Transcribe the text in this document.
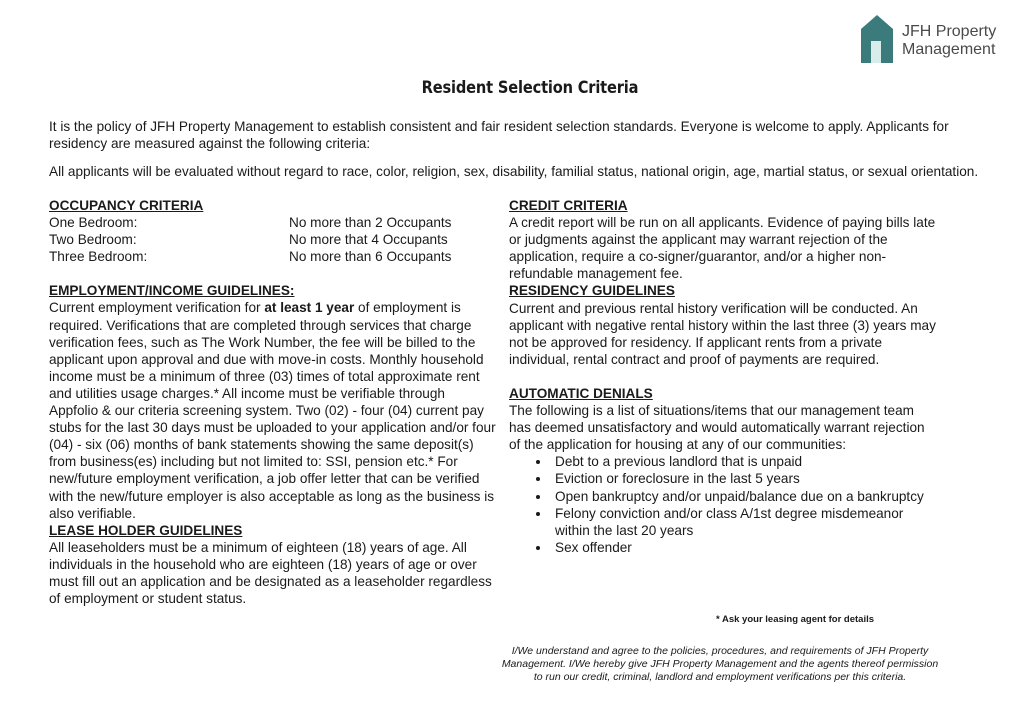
JFH Property
Management
Resident Selection Criteria

It is the policy of JFH Property Management to establish consistent and fair resident selection standards. Everyone is welcome to apply. Applicants for residency are measured against the following criteria:

All applicants will be evaluated without regard to race, color, religion, sex, disability, familial status, national origin, age, martial status, or sexual orientation.

OCCUPANCY CRITERIA

One Bedroom:	No more than 2 Occupants
Two Bedroom:	No more that 4 Occupants
Three Bedroom:	No more than 6 Occupants

EMPLOYMENT/INCOME GUIDELINES:

Current employment verification for at least 1 year of employment is required. Verifications that are completed through services that charge verification fees, such as The Work Number, the fee will be billed to the applicant upon approval and due with move-in costs. Monthly household income must be a minimum of three (03) times of total approximate rent and utilities usage charges.* All income must be verifiable through Appfolio & our criteria screening system. Two (02) - four (04) current pay stubs for the last 30 days must be uploaded to your application and/or four (04) - six (06) months of bank statements showing the same deposit(s) from business(es) including but not limited to: SSI, pension etc.* For new/future employment verification, a job offer letter that can be verified with the new/future employer is also acceptable as long as the business is also verifiable.

LEASE HOLDER GUIDELINES

All leaseholders must be a minimum of eighteen (18) years of age. All individuals in the household who are eighteen (18) years of age or over must fill out an application and be designated as a leaseholder regardless of employment or student status.

CREDIT CRITERIA

A credit report will be run on all applicants. Evidence of paying bills late or judgments against the applicant may warrant rejection of the application, require a co-signer/guarantor, and/or a higher non-refundable management fee.

RESIDENCY GUIDELINES

Current and previous rental history verification will be conducted. An applicant with negative rental history within the last three (3) years may not be approved for residency. If applicant rents from a private individual, rental contract and proof of payments are required.

AUTOMATIC DENIALS

The following is a list of situations/items that our management team has deemed unsatisfactory and would automatically warrant rejection of the application for housing at any of our communities:

• Debt to a previous landlord that is unpaid
• Eviction or foreclosure in the last 5 years
• Open bankruptcy and/or unpaid/balance due on a bankruptcy
• Felony conviction and/or class A/1st degree misdemeanor within the last 20 years
• Sex offender
* Ask your leasing agent for details
I/We understand and agree to the policies, procedures, and requirements of JFH Property Management. I/We hereby give JFH Property Management and the agents thereof permission to run our credit, criminal, landlord and employment verifications per this criteria.
